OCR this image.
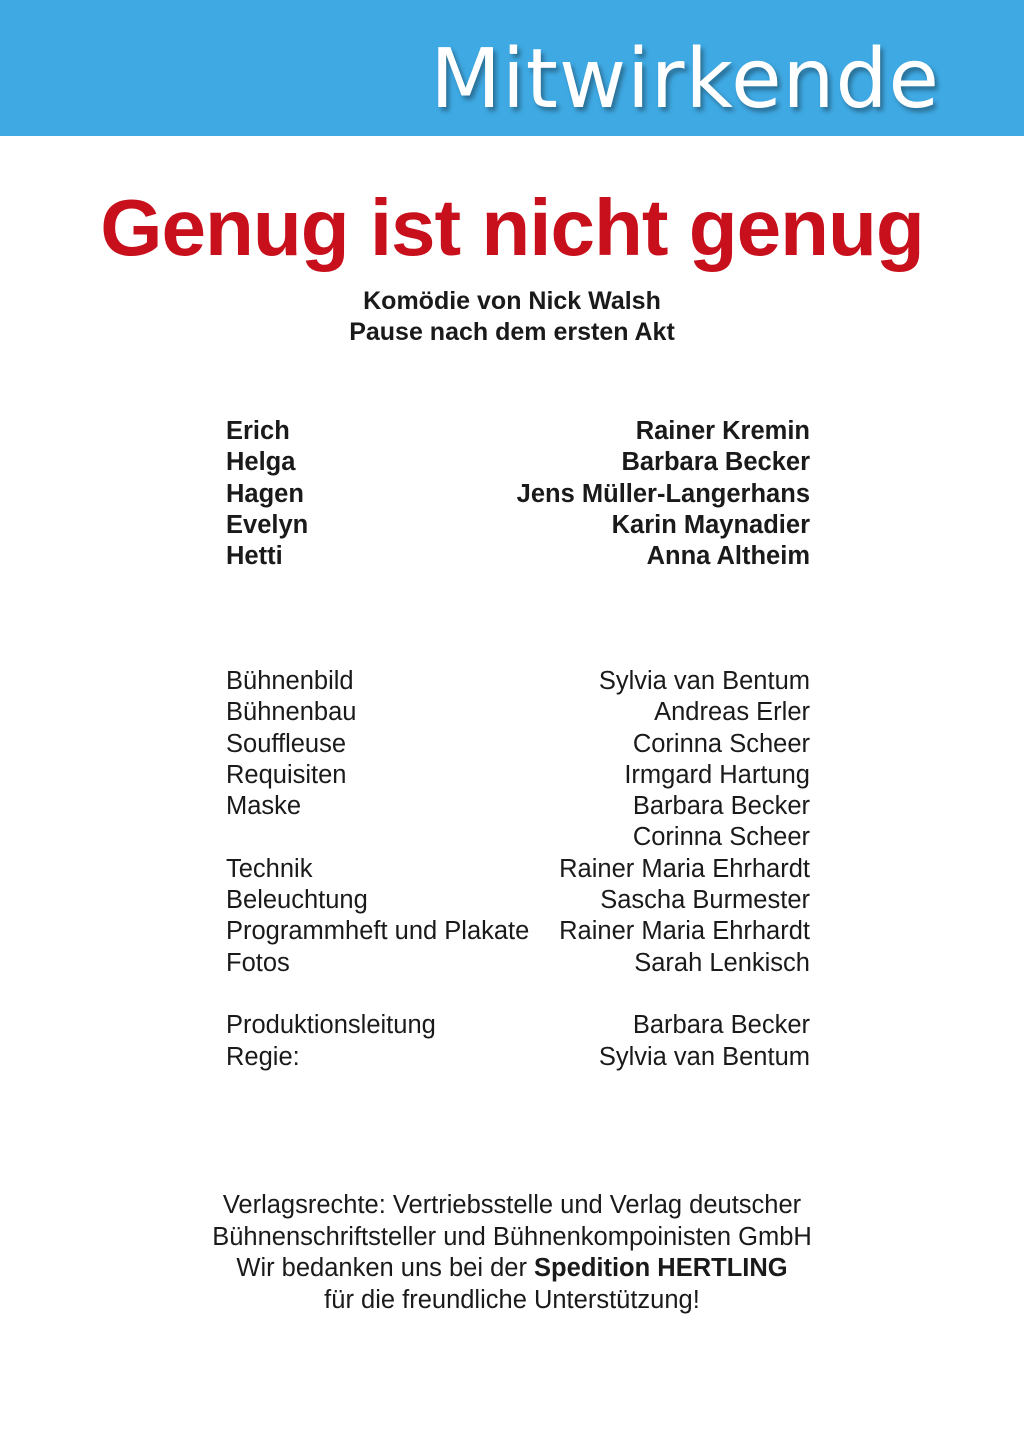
Mitwirkende
Genug ist nicht genug
Komödie von Nick Walsh
Pause nach dem ersten Akt
Erich	Rainer Kremin
Helga	Barbara Becker
Hagen	Jens Müller-Langerhans
Evelyn	Karin Maynadier
Hetti	Anna Altheim
Bühnenbild	Sylvia van Bentum
Bühnenbau	Andreas Erler
Souffleuse	Corinna Scheer
Requisiten	Irmgard Hartung
Maske	Barbara Becker
Corinna Scheer
Technik	Rainer Maria Ehrhardt
Beleuchtung	Sascha Burmester
Programmheft und Plakate Rainer Maria Ehrhardt
Fotos	Sarah Lenkisch
Produktionsleitung	Barbara Becker
Regie:	Sylvia van Bentum
Verlagsrechte: Vertriebsstelle und Verlag deutscher
Bühnenschriftsteller und Bühnenkompoinisten GmbH
Wir bedanken uns bei der Spedition HERTLING
für die freundliche Unterstützung!
